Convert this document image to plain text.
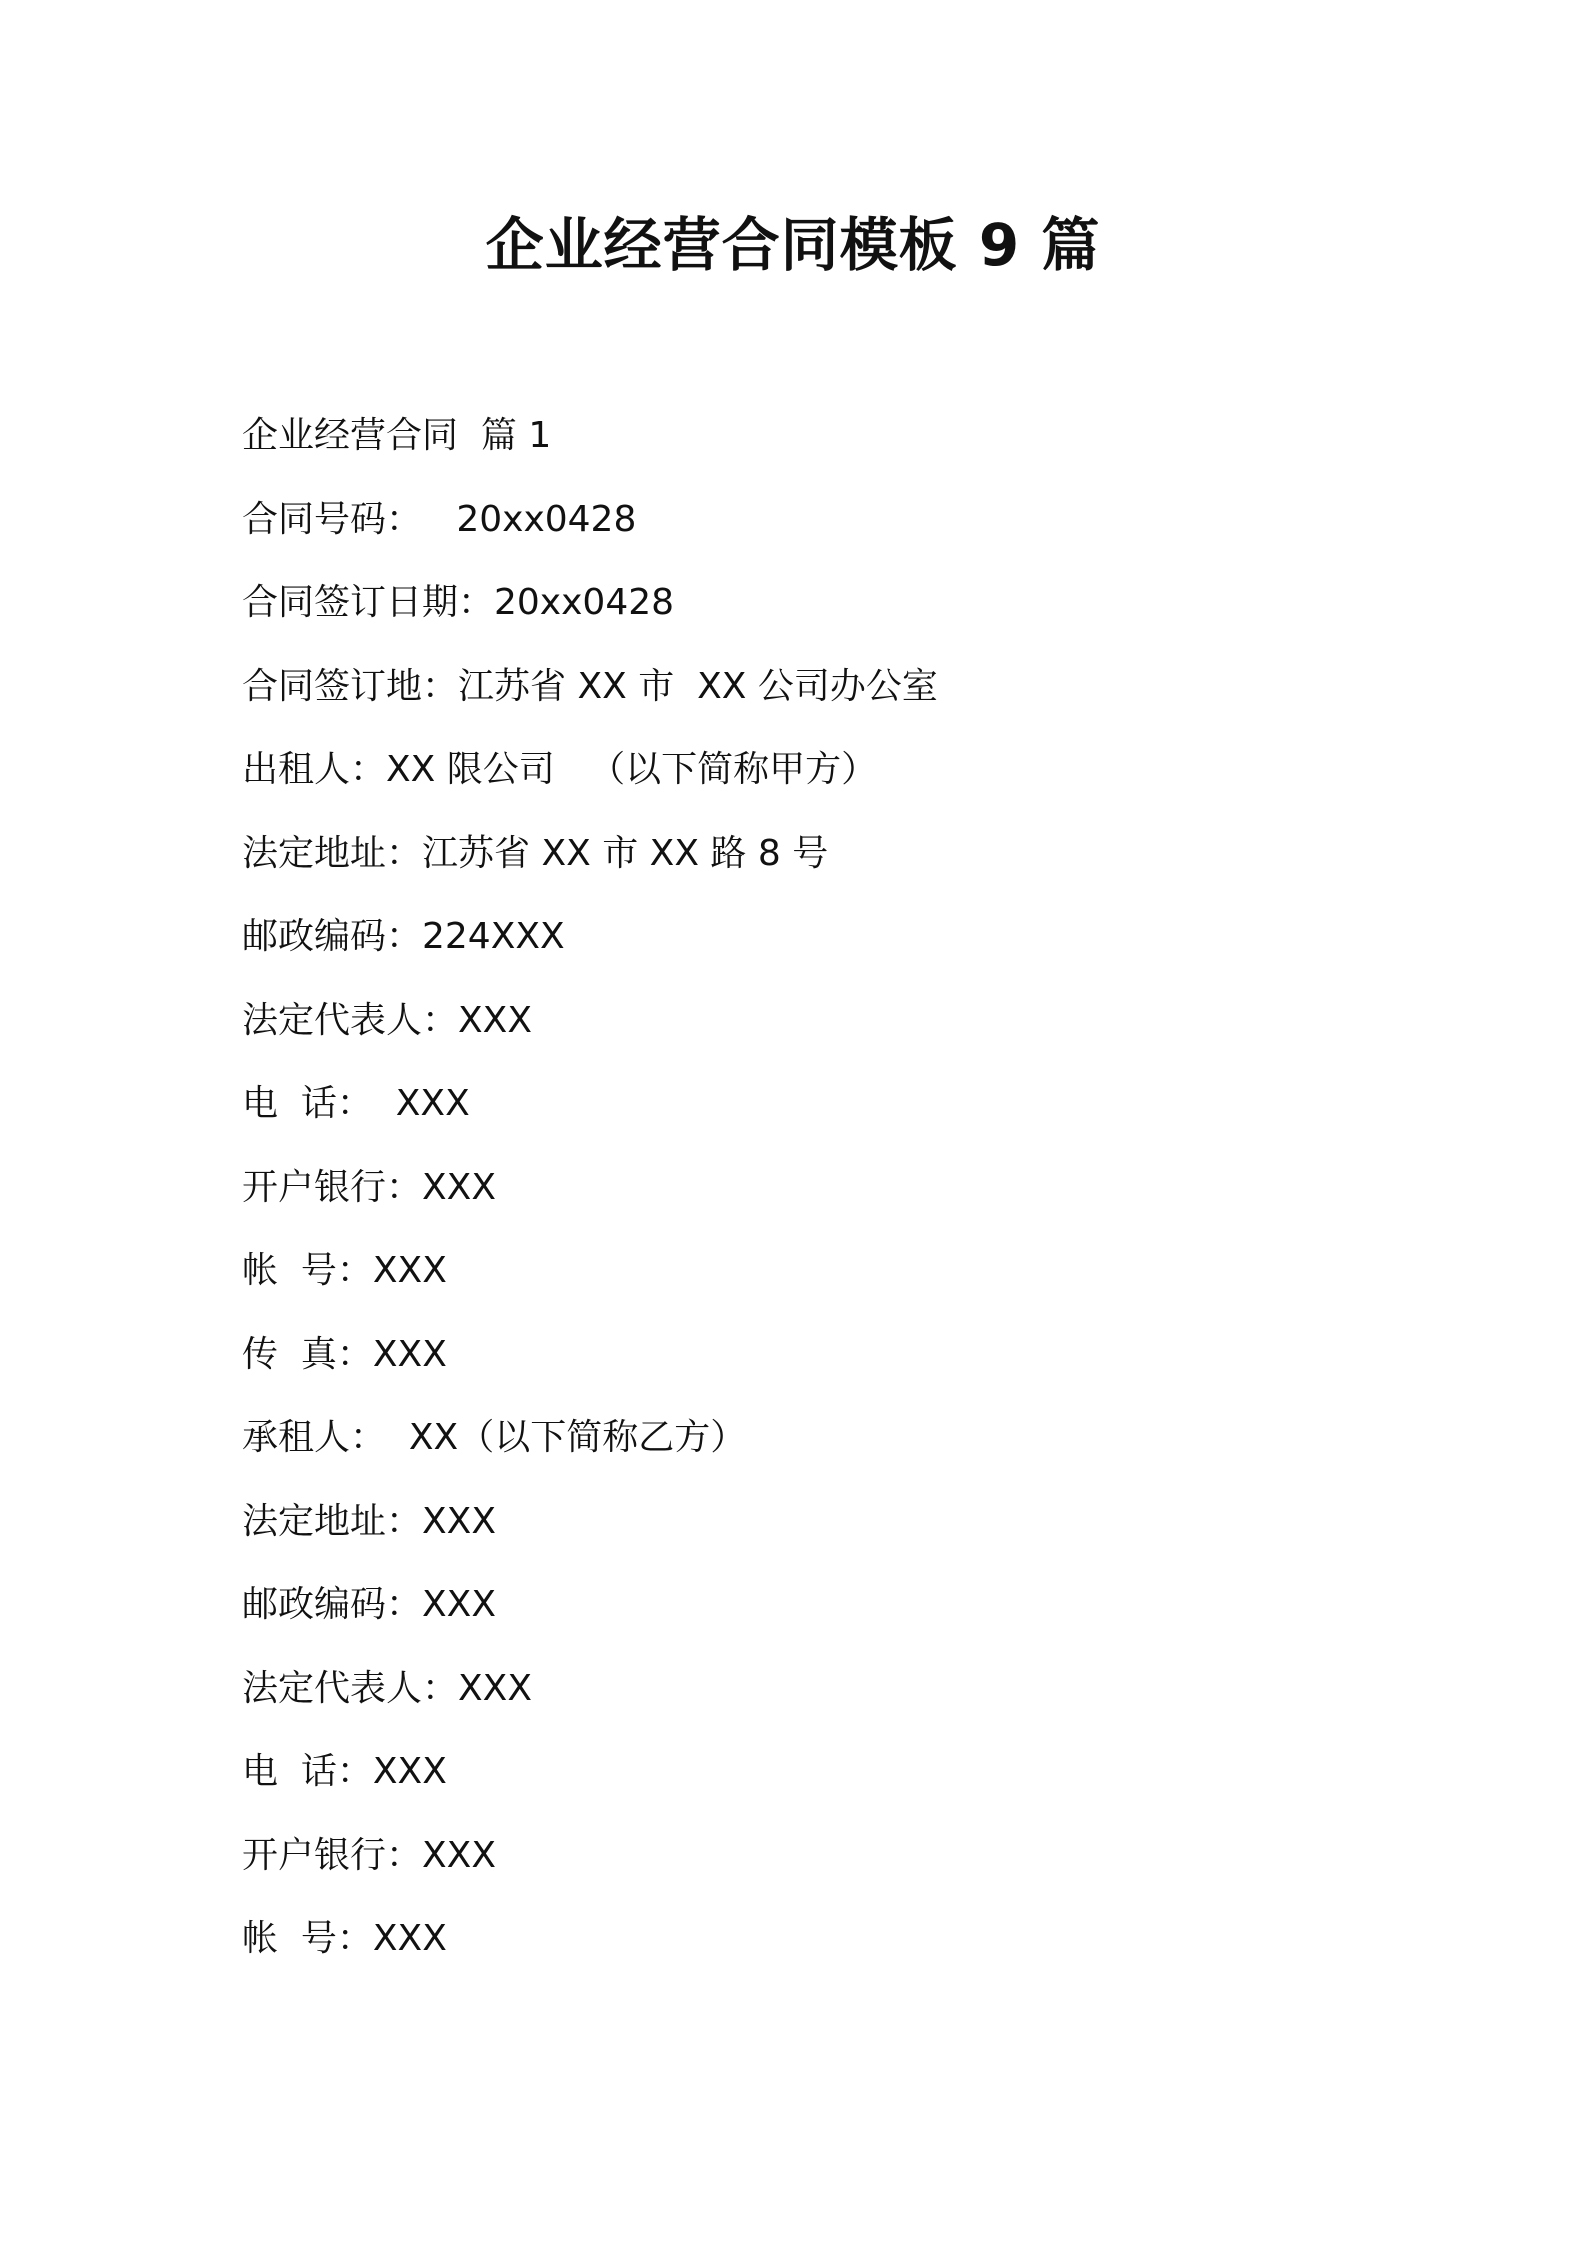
企业经营合同模板 9 篇
企业经营合同  篇 1
合同号码：   20xx0428
合同签订日期：20xx0428
合同签订地：江苏省 XX 市  XX 公司办公室
出租人：XX 限公司   （以下简称甲方）
法定地址：江苏省 XX 市 XX 路 8 号
邮政编码：224XXX
法定代表人：XXX
电  话：  XXX
开户银行：XXX
帐  号：XXX
传  真：XXX
承租人：  XX（以下简称乙方）
法定地址：XXX
邮政编码：XXX
法定代表人：XXX
电  话：XXX
开户银行：XXX
帐  号：XXX
